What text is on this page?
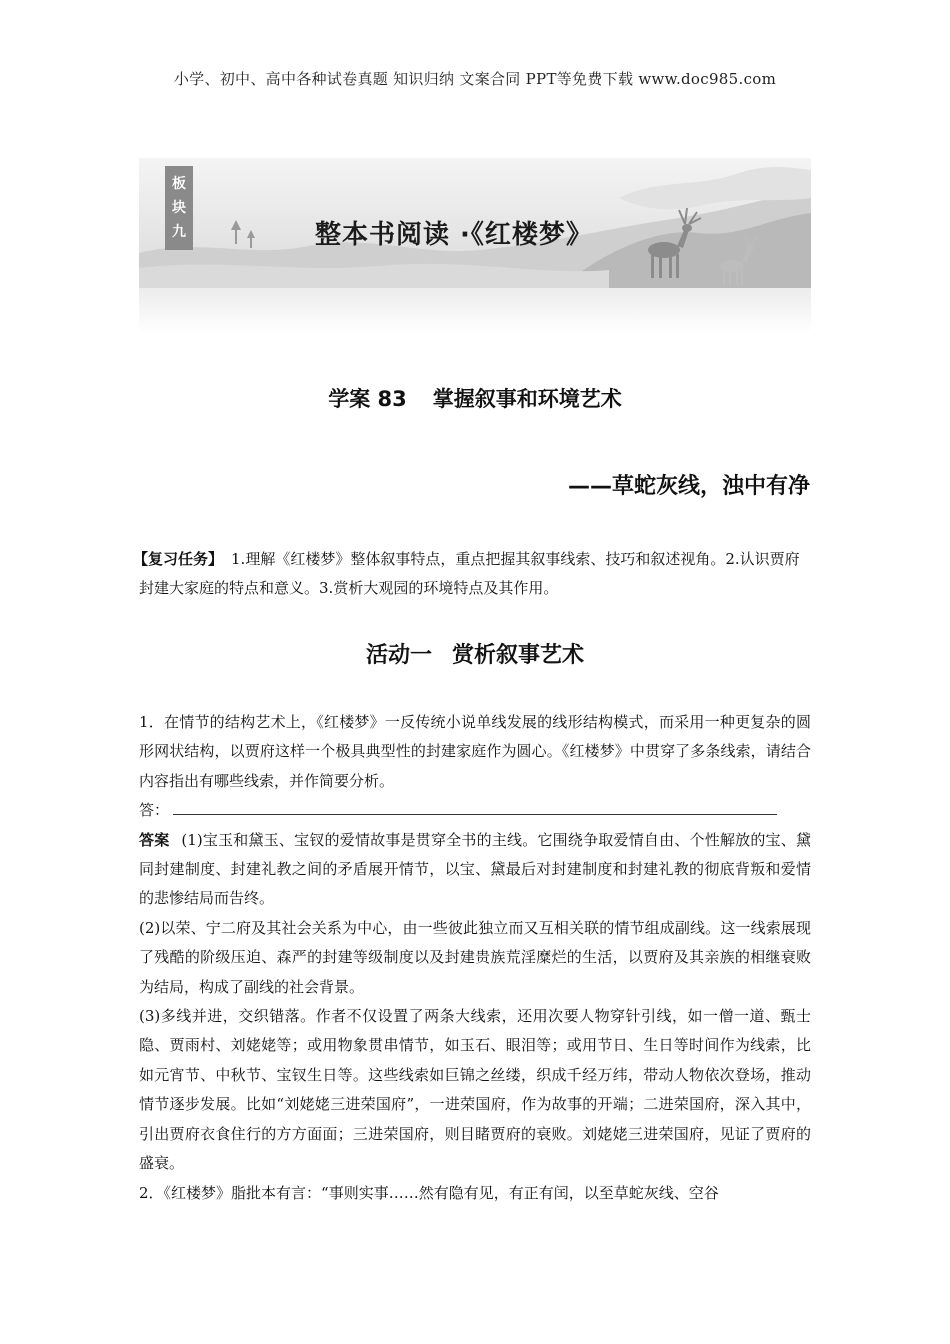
小学、初中、高中各种试卷真题 知识归纳 文案合同 PPT等免费下载 www.doc985.com
板
块
九	整本书阅读 ·《红楼梦》
学案 83 掌握叙事和环境艺术
——草蛇灰线，浊中有净
【复习任务】 1.理解《红楼梦》整体叙事特点，重点把握其叙事线索、技巧和叙述视角。2.认识贾府封建大家庭的特点和意义。3.赏析大观园的环境特点及其作用。
活动一 赏析叙事艺术

1．在情节的结构艺术上，《红楼梦》一反传统小说单线发展的线形结构模式，而采用一种更复杂的圆形网状结构，以贾府这样一个极具典型性的封建家庭作为圆心。《红楼梦》中贯穿了多条线索，请结合内容指出有哪些线索，并作简要分析。

答：

答案 (1)宝玉和黛玉、宝钗的爱情故事是贯穿全书的主线。它围绕争取爱情自由、个性解放的宝、黛同封建制度、封建礼教之间的矛盾展开情节，以宝、黛最后对封建制度和封建礼教的彻底背叛和爱情的悲惨结局而告终。

(2)以荣、宁二府及其社会关系为中心，由一些彼此独立而又互相关联的情节组成副线。这一线索展现了残酷的阶级压迫、森严的封建等级制度以及封建贵族荒淫糜烂的生活，以贾府及其亲族的相继衰败为结局，构成了副线的社会背景。

(3)多线并进，交织错落。作者不仅设置了两条大线索，还用次要人物穿针引线，如一僧一道、甄士隐、贾雨村、刘姥姥等；或用物象贯串情节，如玉石、眼泪等；或用节日、生日等时间作为线索，比如元宵节、中秋节、宝钗生日等。这些线索如巨锦之丝缕，织成千经万纬，带动人物依次登场，推动情节逐步发展。比如“刘姥姥三进荣国府”，一进荣国府，作为故事的开端；二进荣国府，深入其中，引出贾府衣食住行的方方面面；三进荣国府，则目睹贾府的衰败。刘姥姥三进荣国府，见证了贾府的盛衰。

2．《红楼梦》脂批本有言：“事则实事……然有隐有见，有正有闰，以至草蛇灰线、空谷
